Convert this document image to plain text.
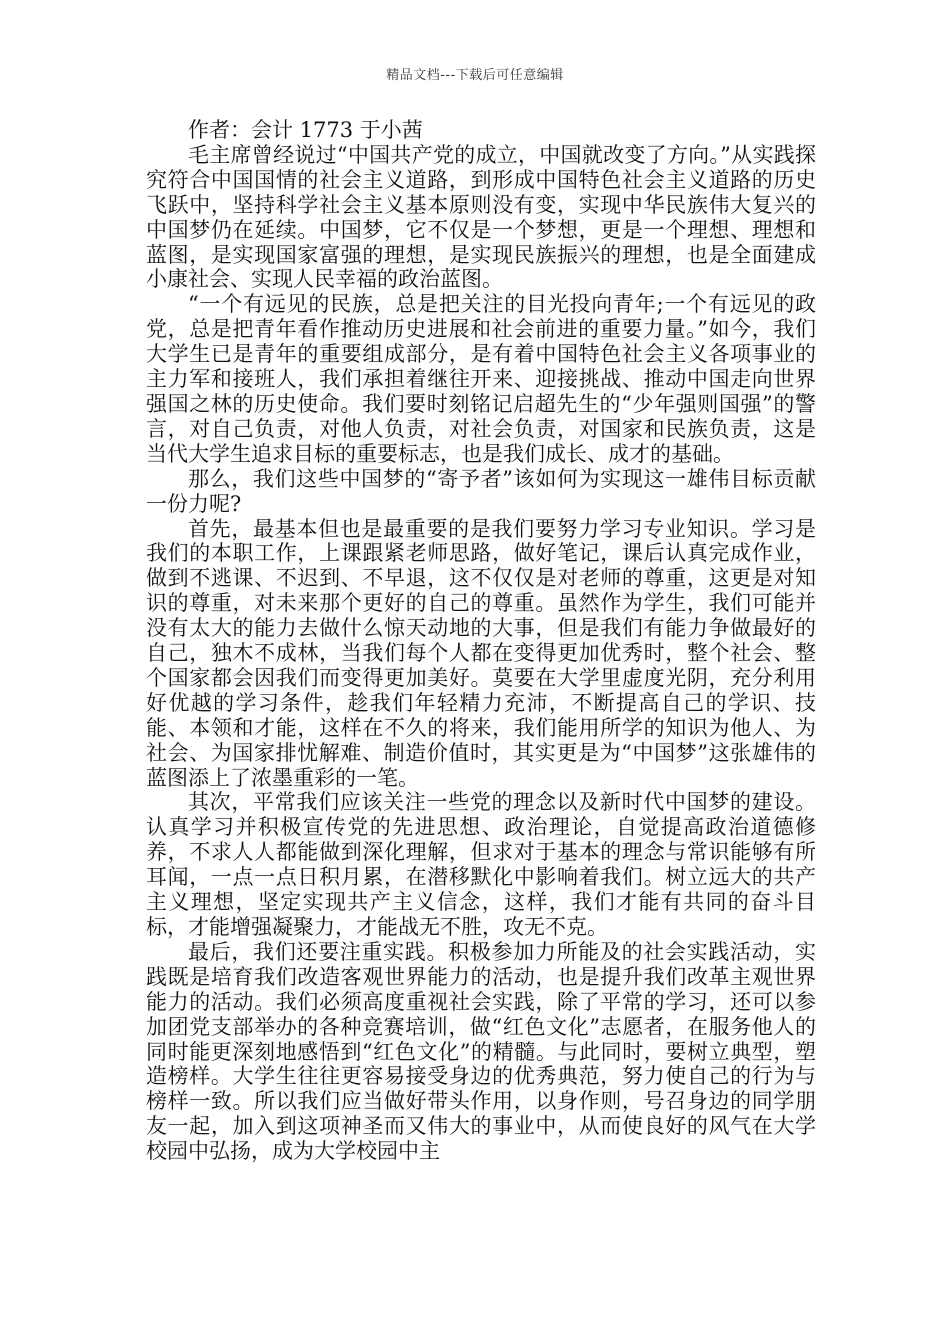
精品文档---下载后可任意编辑

作者：会计 1773 于小茜

毛主席曾经说过“中国共产党的成立，中国就改变了方向。”从实践探究符合中国国情的社会主义道路，到形成中国特色社会主义道路的历史飞跃中，坚持科学社会主义基本原则没有变，实现中华民族伟大复兴的中国梦仍在延续。中国梦，它不仅是一个梦想，更是一个理想、理想和蓝图，是实现国家富强的理想，是实现民族振兴的理想，也是全面建成小康社会、实现人民幸福的政治蓝图。

“一个有远见的民族，总是把关注的目光投向青年;一个有远见的政党，总是把青年看作推动历史进展和社会前进的重要力量。”如今，我们大学生已是青年的重要组成部分，是有着中国特色社会主义各项事业的主力军和接班人，我们承担着继往开来、迎接挑战、推动中国走向世界强国之林的历史使命。我们要时刻铭记启超先生的“少年强则国强”的警言，对自己负责，对他人负责，对社会负责，对国家和民族负责，这是当代大学生追求目标的重要标志，也是我们成长、成才的基础。

那么，我们这些中国梦的“寄予者”该如何为实现这一雄伟目标贡献一份力呢?

首先，最基本但也是最重要的是我们要努力学习专业知识。学习是我们的本职工作，上课跟紧老师思路，做好笔记，课后认真完成作业，做到不逃课、不迟到、不早退，这不仅仅是对老师的尊重，这更是对知识的尊重，对未来那个更好的自己的尊重。虽然作为学生，我们可能并没有太大的能力去做什么惊天动地的大事，但是我们有能力争做最好的自己，独木不成林，当我们每个人都在变得更加优秀时，整个社会、整个国家都会因我们而变得更加美好。莫要在大学里虚度光阴，充分利用好优越的学习条件，趁我们年轻精力充沛，不断提高自己的学识、技能、本领和才能，这样在不久的将来，我们能用所学的知识为他人、为社会、为国家排忧解难、制造价值时，其实更是为“中国梦”这张雄伟的蓝图添上了浓墨重彩的一笔。

其次，平常我们应该关注一些党的理念以及新时代中国梦的建设。认真学习并积极宣传党的先进思想、政治理论，自觉提高政治道德修养，不求人人都能做到深化理解，但求对于基本的理念与常识能够有所耳闻，一点一点日积月累，在潜移默化中影响着我们。树立远大的共产主义理想，坚定实现共产主义信念，这样，我们才能有共同的奋斗目标，才能增强凝聚力，才能战无不胜，攻无不克。

最后，我们还要注重实践。积极参加力所能及的社会实践活动，实践既是培育我们改造客观世界能力的活动，也是提升我们改革主观世界能力的活动。我们必须高度重视社会实践，除了平常的学习，还可以参加团党支部举办的各种竞赛培训，做“红色文化”志愿者，在服务他人的同时能更深刻地感悟到“红色文化”的精髓。与此同时，要树立典型，塑造榜样。大学生往往更容易接受身边的优秀典范，努力使自己的行为与榜样一致。所以我们应当做好带头作用，以身作则，号召身边的同学朋友一起，加入到这项神圣而又伟大的事业中，从而使良好的风气在大学校园中弘扬，成为大学校园中主
